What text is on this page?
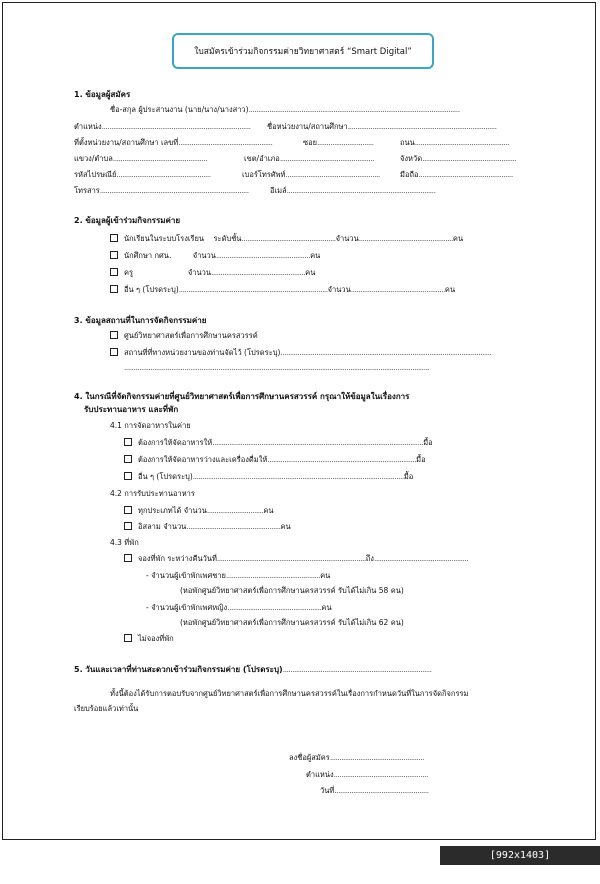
ใบสมัครเข้าร่วมกิจกรรมค่ายวิทยาศาสตร์ “Smart Digital”
1. ข้อมูลผู้สมัคร
ชื่อ-สกุล ผู้ประสานงาน (นาย/นาง/นางสาว)................................................................................................................
ตำแหน่ง............................................................................... ชื่อหน่วยงาน/สถานศึกษา...............................................................................
ที่ตั้งหน่วยงาน/สถานศึกษา เลขที่..................................................	ซอย..............................	ถนน..................................................
แขวง/ตำบล..................................................	เขต/อำเภอ..................................................	จังหวัด..................................................
รหัสไปรษณีย์..................................................	เบอร์โทรศัพท์..................................................	มือถือ..................................................
โทรสาร...............................................................................	อีเมล์...............................................................................
2. ข้อมูลผู้เข้าร่วมกิจกรรมค่าย
นักเรียนในระบบโรงเรียน ระดับชั้น..................................................จำนวน..................................................คน
นักศึกษา กศน.	จำนวน..................................................คน
ครู	จำนวน..................................................คน
อื่น ๆ (โปรดระบุ)...............................................................................จำนวน..................................................คน
3. ข้อมูลสถานที่ในการจัดกิจกรรมค่าย
ศูนย์วิทยาศาสตร์เพื่อการศึกษานครสวรรค์
สถานที่ที่ทางหน่วยงานของท่านจัดไว้ (โปรดระบุ)................................................................................................................
..................................................................................................................................................................
4. ในกรณีที่จัดกิจกรรมค่ายที่ศูนย์วิทยาศาสตร์เพื่อการศึกษานครสวรรค์ กรุณาให้ข้อมูลในเรื่องการ
รับประทานอาหาร และที่พัก
4.1 การจัดอาหารในค่าย
ต้องการให้จัดอาหารให้................................................................................................................มื้อ
ต้องการให้จัดอาหารว่างและเครื่องดื่มให้...............................................................................มื้อ
อื่น ๆ (โปรดระบุ)................................................................................................................มื้อ
4.2 การรับประทานอาหาร
ทุกประเภทได้ จำนวน..............................คน
อิสลาม จำนวน..................................................คน
4.3 ที่พัก
จองที่พัก ระหว่างคืนวันที่...............................................................................ถึง..................................................
- จำนวนผู้เข้าพักเพศชาย..................................................คน
(หอพักศูนย์วิทยาศาสตร์เพื่อการศึกษานครสวรรค์ รับได้ไม่เกิน 58 คน)
- จำนวนผู้เข้าพักเพศหญิง..................................................คน
(หอพักศูนย์วิทยาศาสตร์เพื่อการศึกษานครสวรรค์ รับได้ไม่เกิน 62 คน)
ไม่จองที่พัก
5. วันและเวลาที่ท่านสะดวกเข้าร่วมกิจกรรมค่าย (โปรดระบุ)...............................................................................
ทั้งนี้ต้องได้รับการตอบรับจากศูนย์วิทยาศาสตร์เพื่อการศึกษานครสวรรค์ในเรื่องการกำหนดวันที่ในการจัดกิจกรรม
เรียบร้อยแล้วเท่านั้น
ลงชื่อผู้สมัคร..................................................
ตำแหน่ง..................................................
วันที่..................................................
[992x1403] https://upic.me/
